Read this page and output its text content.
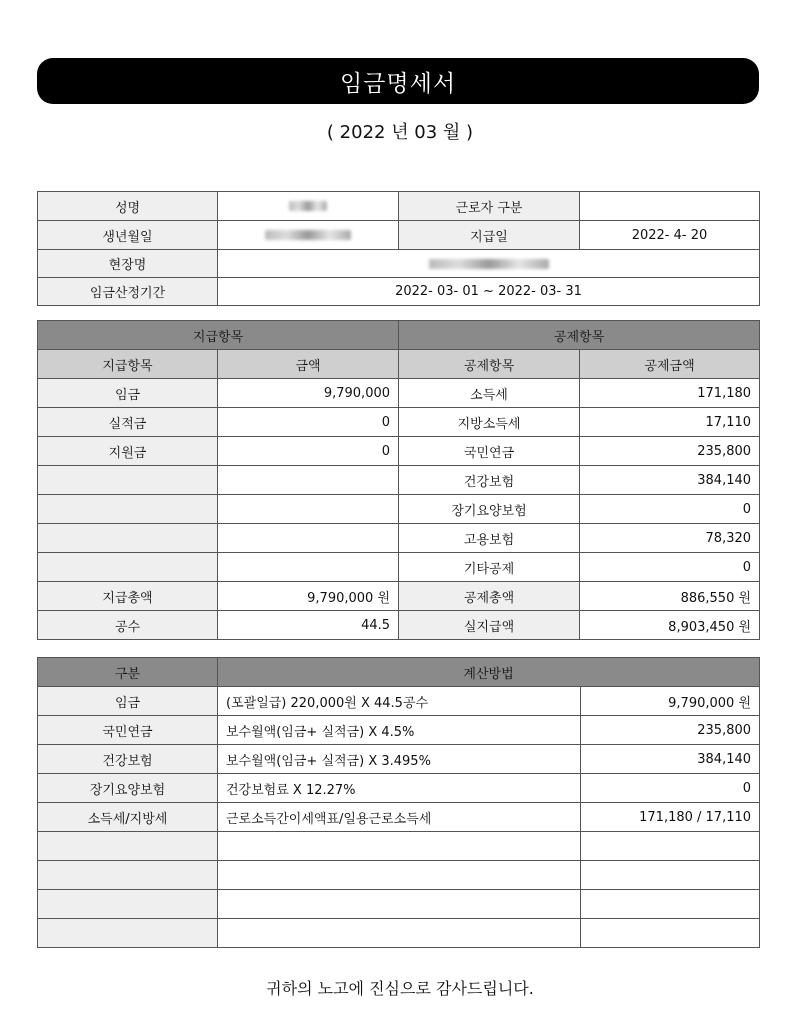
임금명세서
( 2022 년 03 월 )
성명		근로자 구분	
생년월일		지급일	2022- 4- 20
현장명			
임금산정기간	2022- 03- 01 ~ 2022- 03- 31		
지급항목		공제항목	
지급항목	금액	공제항목	공제금액
임금	9,790,000	소득세	171,180
실적금	0	지방소득세	17,110
지원금	0	국민연금	235,800
		건강보험	384,140
		장기요양보험	0
		고용보험	78,320
		기타공제	0
지급총액	9,790,000 원	공제총액	886,550 원
공수	44.5	실지급액	8,903,450 원
구분	계산방법	
임금	(포괄일급) 220,000원 X 44.5공수	9,790,000 원
국민연금	보수월액(임금+ 실적금) X 4.5%	235,800
건강보험	보수월액(임금+ 실적금) X 3.495%	384,140
장기요양보험	건강보험료 X 12.27%	0
소득세/지방세	근로소득간이세액표/일용근로소득세	171,180 / 17,110

귀하의 노고에 진심으로 감사드립니다.
